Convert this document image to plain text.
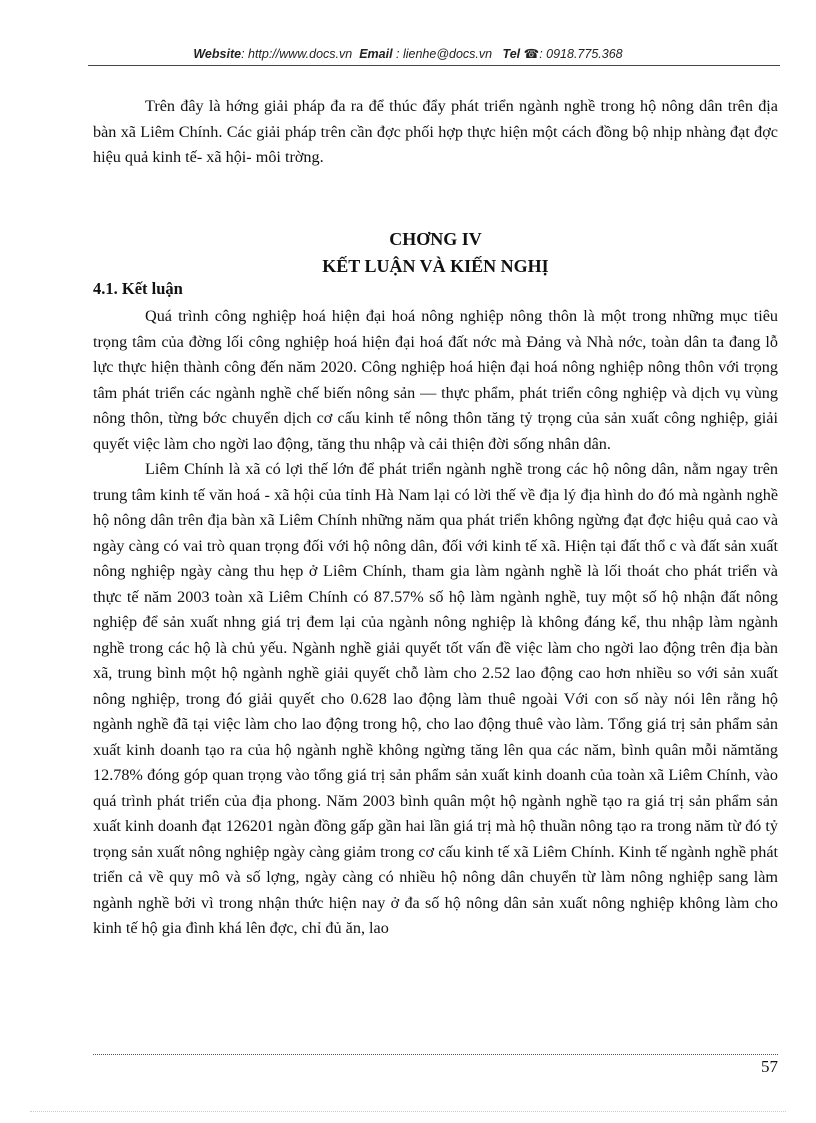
Website: http://www.docs.vn Email : lienhe@docs.vn Tel ☎: 0918.775.368

Trên đây là hớng giải pháp đa ra để thúc đẩy phát triển ngành nghề trong hộ nông dân trên địa bàn xã Liêm Chính. Các giải pháp trên cần đợc phối hợp thực hiện một cách đồng bộ nhịp nhàng đạt đợc hiệu quả kinh tế- xã hội- môi trờng.

CHƠNG IV
KẾT LUẬN VÀ KIẾN NGHỊ
4.1. Kết luận

Quá trình công nghiệp hoá hiện đại hoá nông nghiệp nông thôn là một trong những mục tiêu trọng tâm của đờng lối công nghiệp hoá hiện đại hoá đất nớc mà Đảng và Nhà nớc, toàn dân ta đang lỗ lực thực hiện thành công đến năm 2020. Công nghiệp hoá hiện đại hoá nông nghiệp nông thôn với trọng tâm phát triển các ngành nghề chế biến nông sản — thực phẩm, phát triển công nghiệp và dịch vụ vùng nông thôn, từng bớc chuyển dịch cơ cấu kinh tế nông thôn tăng tỷ trọng của sản xuất công nghiệp, giải quyết việc làm cho ngời lao động, tăng thu nhập và cải thiện đời sống nhân dân.

Liêm Chính là xã có lợi thế lớn để phát triển ngành nghề trong các hộ nông dân, nằm ngay trên trung tâm kinh tế văn hoá - xã hội của tỉnh Hà Nam lại có lời thế về địa lý địa hình do đó mà ngành nghề hộ nông dân trên địa bàn xã Liêm Chính những năm qua phát triển không ngừng đạt đợc hiệu quả cao và ngày càng có vai trò quan trọng đối với hộ nông dân, đối với kinh tế xã. Hiện tại đất thổ c và đất sản xuất nông nghiệp ngày càng thu hẹp ở Liêm Chính, tham gia làm ngành nghề là lối thoát cho phát triển và thực tế năm 2003 toàn xã Liêm Chính có 87.57% số hộ làm ngành nghề, tuy một số hộ nhận đất nông nghiệp để sản xuất nhng giá trị đem lại của ngành nông nghiệp là không đáng kể, thu nhập làm ngành nghề trong các hộ là chủ yếu. Ngành nghề giải quyết tốt vấn đề việc làm cho ngời lao động trên địa bàn xã, trung bình một hộ ngành nghề giải quyết chỗ làm cho 2.52 lao động cao hơn nhiều so với sản xuất nông nghiệp, trong đó giải quyết cho 0.628 lao động làm thuê ngoài Với con số này nói lên rằng hộ ngành nghề đã tại việc làm cho lao động trong hộ, cho lao động thuê vào làm. Tổng giá trị sản phẩm sản xuất kinh doanh tạo ra của hộ ngành nghề không ngừng tăng lên qua các năm, bình quân mỗi nămtăng 12.78% đóng góp quan trọng vào tổng giá trị sản phẩm sản xuất kinh doanh của toàn xã Liêm Chính, vào quá trình phát triển của địa phong. Năm 2003 bình quân một hộ ngành nghề tạo ra giá trị sản phẩm sản xuất kinh doanh đạt 126201 ngàn đồng gấp gần hai lần giá trị mà hộ thuần nông tạo ra trong năm từ đó tỷ trọng sản xuất nông nghiệp ngày càng giảm trong cơ cấu kinh tế xã Liêm Chính. Kinh tế ngành nghề phát triển cả về quy mô và số lợng, ngày càng có nhiều hộ nông dân chuyển từ làm nông nghiệp sang làm ngành nghề bởi vì trong nhận thức hiện nay ở đa số hộ nông dân sản xuất nông nghiệp không làm cho kinh tế hộ gia đình khá lên đợc, chỉ đủ ăn, lao

57
